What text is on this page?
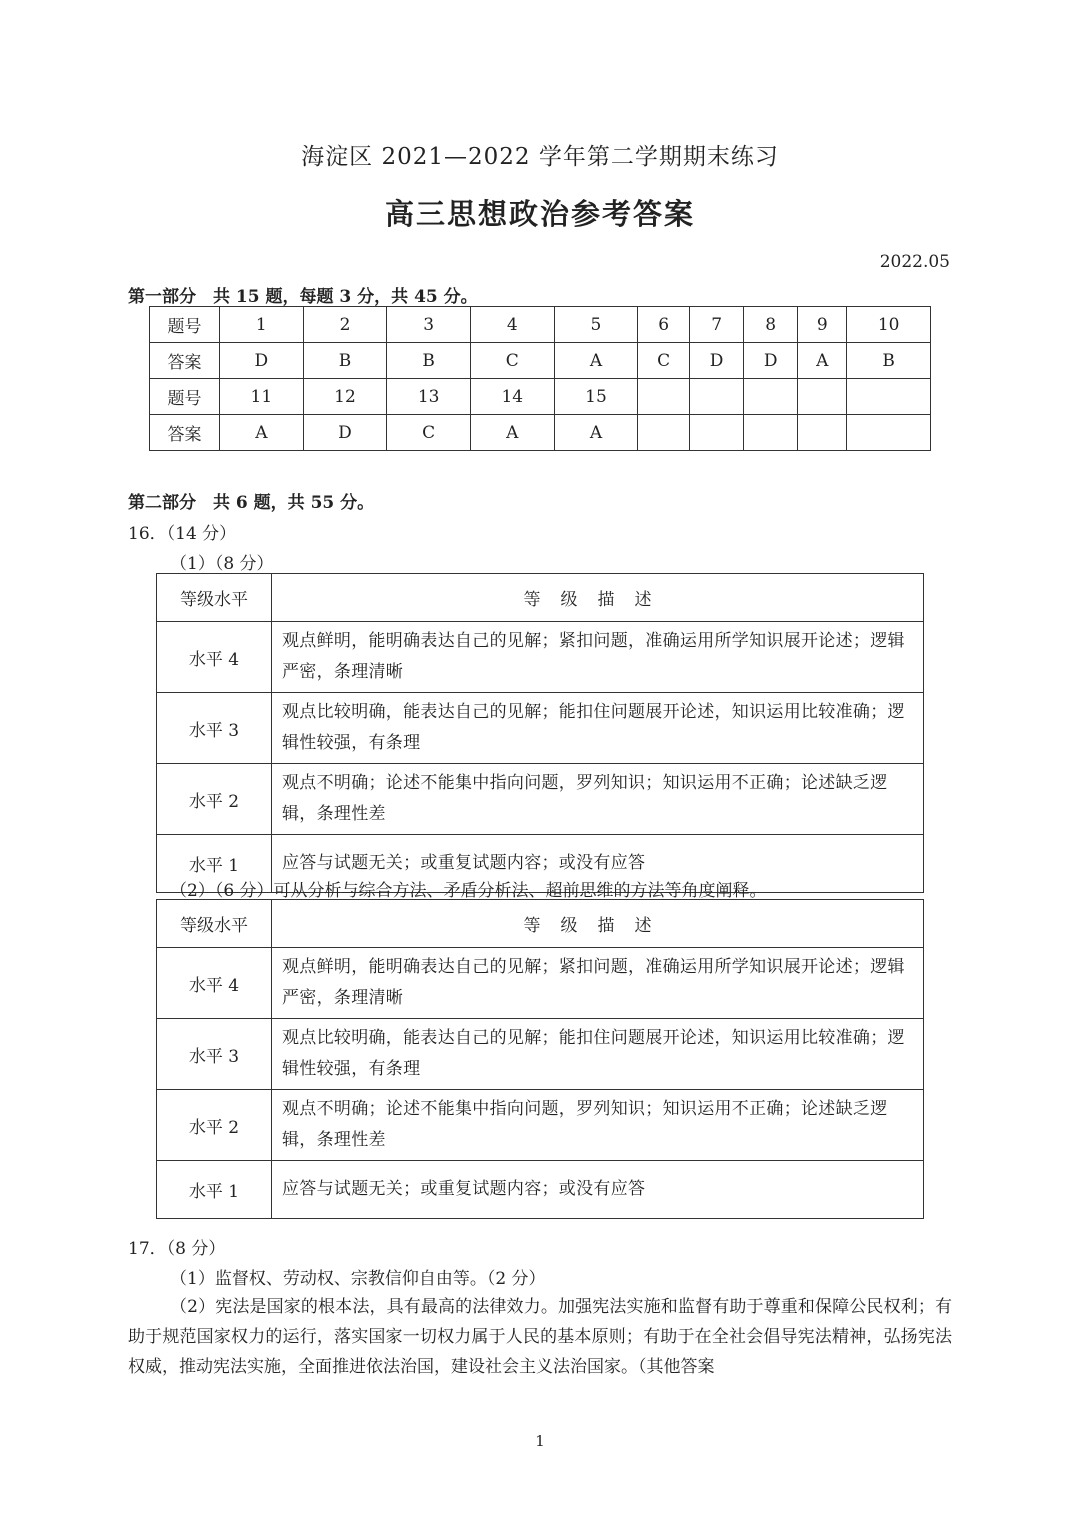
海淀区 2021—2022 学年第二学期期末练习
高三思想政治参考答案
2022.05
第一部分　共 15 题，每题 3 分，共 45 分。
题号	1	2	3	4	5	6	7	8	9	10
答案	D	B	B	C	A	C	D	D	A	B
题号	11	12	13	14	15					
答案	A	D	C	A	A					
第二部分　共 6 题，共 55 分。
16．（14 分）
（1）（8 分）
等级水平	等级描述
水平 4	观点鲜明，能明确表达自己的见解；紧扣问题，准确运用所学知识展开论述；逻辑严密，条理清晰
水平 3	观点比较明确，能表达自己的见解；能扣住问题展开论述，知识运用比较准确；逻辑性较强，有条理
水平 2	观点不明确；论述不能集中指向问题，罗列知识；知识运用不正确；论述缺乏逻辑，条理性差
水平 1	应答与试题无关；或重复试题内容；或没有应答
（2）（6 分）可从分析与综合方法、矛盾分析法、超前思维的方法等角度阐释。
等级水平	等级描述
水平 4	观点鲜明，能明确表达自己的见解；紧扣问题，准确运用所学知识展开论述；逻辑严密，条理清晰
水平 3	观点比较明确，能表达自己的见解；能扣住问题展开论述，知识运用比较准确；逻辑性较强，有条理
水平 2	观点不明确；论述不能集中指向问题，罗列知识；知识运用不正确；论述缺乏逻辑，条理性差
水平 1	应答与试题无关；或重复试题内容；或没有应答
17．（8 分）
（1）监督权、劳动权、宗教信仰自由等。（2 分）
（2）宪法是国家的根本法，具有最高的法律效力。加强宪法实施和监督有助于尊重和保障公民权利；有助于规范国家权力的运行，落实国家一切权力属于人民的基本原则；有助于在全社会倡导宪法精神，弘扬宪法权威，推动宪法实施，全面推进依法治国，建设社会主义法治国家。（其他答案
1
